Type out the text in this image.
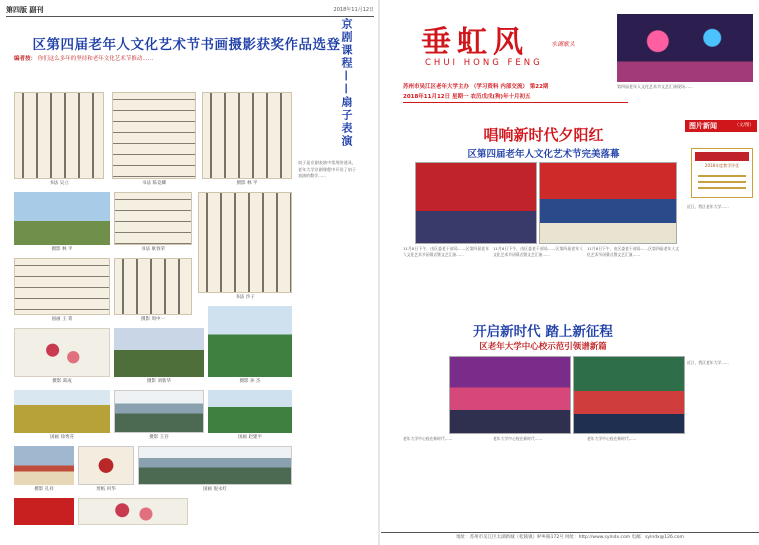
第四版 副刊	2018年11月12日
区第四届老年人文化艺术节书画摄影获奖作品选登
编者按： 你们这么多年的坚持和老年文化艺术节推动……
书法 吴立	书法 陈竞卿	摄影 林 平
摄影 林 平	书法 耿春荣
书法 沙子
国画 王 菁	摄影 周中一
摄影 葛成	摄影 刘新华	摄影 孙 杰
国画 徐秀芬	摄影 王存	国画 赵建平
摄影 孔祥	剪纸 何华	国画 倪永红
京剧课程——扇子表演
扇子是京剧表演中常用的道具，老年大学京剧课程中开设了扇子表演的教学……
垂虹风	水调歌头
CHUI HONG FENG
苏州市吴江区老年大学主办 （学习资料 内部交流） 第22期
2018年11月12日 星期一 农历戊戌(狗)年十月初五
第四届老年人文化艺术节文艺汇演现场……
唱响新时代夕阳红
区第四届老年人文化艺术节完美落幕
11月8日下午，由区委老干部局……区第四届老年人文化艺术节闭幕式暨文艺汇演……
11月8日下午，由区委老干部局……区第四届老年人文化艺术节闭幕式暨文艺汇演……
11月8日下午，由区委老干部局……区第四届老年人文化艺术节闭幕式暨文艺汇演……
开启新时代 踏上新征程
区老年大学中心校示范引领谱新篇
老年大学中心校在新时代……	老年大学中心校在新时代……	老年大学中心校在新时代……
图片新闻	（文/图）
2018年度教学评优
近日，我区老年大学……
近日，我区老年大学……
地址：苏州市吴江区太湖新城（松陵镇）鲈乡路172号 网址：http://www.sylndx.com 电邮：sylndx@126.com
